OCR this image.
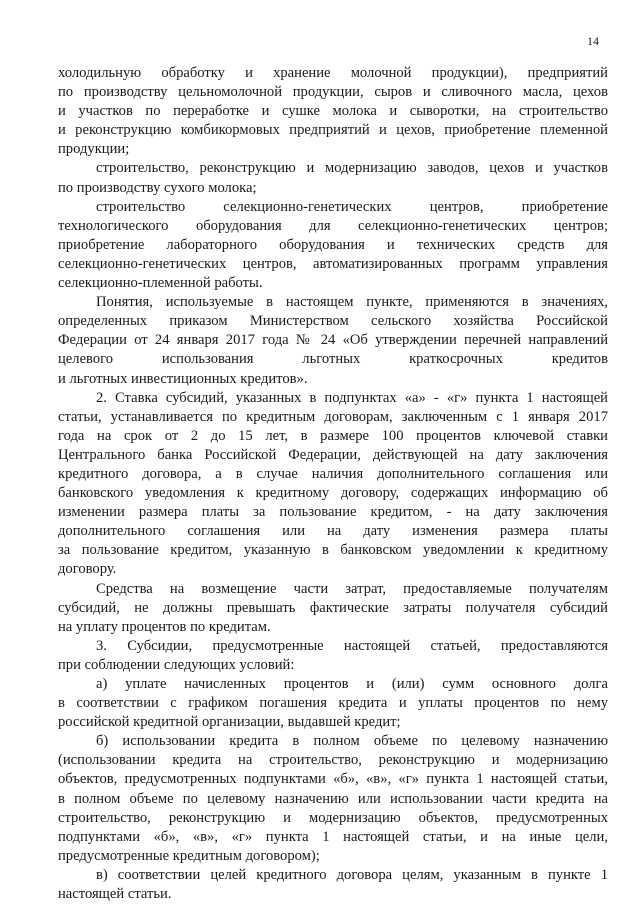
14
холодильную обработку и хранение молочной продукции), предприятий
по производству цельномолочной продукции, сыров и сливочного масла, цехов
и участков по переработке и сушке молока и сыворотки, на строительство
и реконструкцию комбикормовых предприятий и цехов, приобретение племенной
продукции;
строительство, реконструкцию и модернизацию заводов, цехов и участков
по производству сухого молока;
строительство селекционно-генетических центров, приобретение
технологического оборудования для селекционно-генетических центров;
приобретение лабораторного оборудования и технических средств для
селекционно-генетических центров, автоматизированных программ управления
селекционно-племенной работы.
Понятия, используемые в настоящем пункте, применяются в значениях,
определенных приказом Министерством сельского хозяйства Российской
Федерации от 24 января 2017 года № 24 «Об утверждении перечней направлений
целевого использования льготных краткосрочных кредитов
и льготных инвестиционных кредитов».
2. Ставка субсидий, указанных в подпунктах «а» - «г» пункта 1 настоящей
статьи, устанавливается по кредитным договорам, заключенным с 1 января 2017
года на срок от 2 до 15 лет, в размере 100 процентов ключевой ставки
Центрального банка Российской Федерации, действующей на дату заключения
кредитного договора, а в случае наличия дополнительного соглашения или
банковского уведомления к кредитному договору, содержащих информацию об
изменении размера платы за пользование кредитом, - на дату заключения
дополнительного соглашения или на дату изменения размера платы
за пользование кредитом, указанную в банковском уведомлении к кредитному
договору.
Средства на возмещение части затрат, предоставляемые получателям
субсидий, не должны превышать фактические затраты получателя субсидий
на уплату процентов по кредитам.
3. Субсидии, предусмотренные настоящей статьей, предоставляются
при соблюдении следующих условий:
а) уплате начисленных процентов и (или) сумм основного долга
в соответствии с графиком погашения кредита и уплаты процентов по нему
российской кредитной организации, выдавшей кредит;
б) использовании кредита в полном объеме по целевому назначению
(использовании кредита на строительство, реконструкцию и модернизацию
объектов, предусмотренных подпунктами «б», «в», «г» пункта 1 настоящей статьи,
в полном объеме по целевому назначению или использовании части кредита на
строительство, реконструкцию и модернизацию объектов, предусмотренных
подпунктами «б», «в», «г» пункта 1 настоящей статьи, и на иные цели,
предусмотренные кредитным договором);
в) соответствии целей кредитного договора целям, указанным в пункте 1
настоящей статьи.
